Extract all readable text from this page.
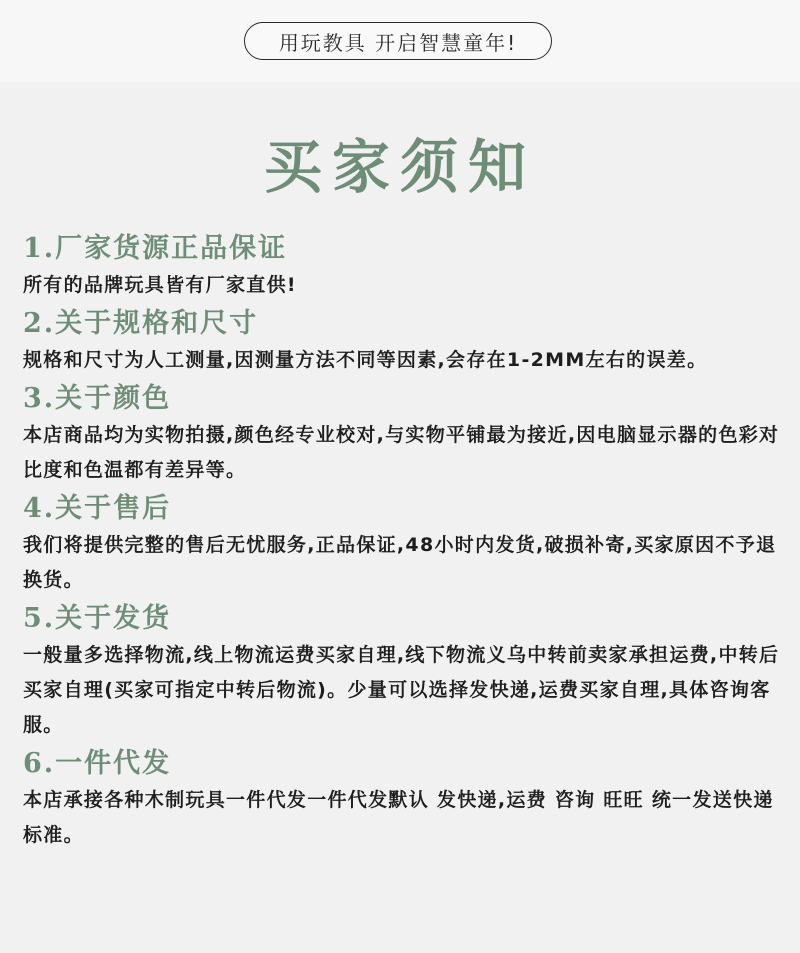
用玩教具 开启智慧童年!
买家须知
1.厂家货源正品保证
所有的品牌玩具皆有厂家直供!
2.关于规格和尺寸
规格和尺寸为人工测量,因测量方法不同等因素,会存在1-2MM左右的误差。
3.关于颜色
本店商品均为实物拍摄,颜色经专业校对,与实物平铺最为接近,因电脑显示器的色彩对比度和色温都有差异等。
4.关于售后
我们将提供完整的售后无忧服务,正品保证,48小时内发货,破损补寄,买家原因不予退换货。
5.关于发货
一般量多选择物流,线上物流运费买家自理,线下物流义乌中转前卖家承担运费,中转后买家自理(买家可指定中转后物流)。少量可以选择发快递,运费买家自理,具体咨询客服。
6.一件代发
本店承接各种木制玩具一件代发一件代发默认 发快递,运费 咨询 旺旺 统一发送快递标准。
